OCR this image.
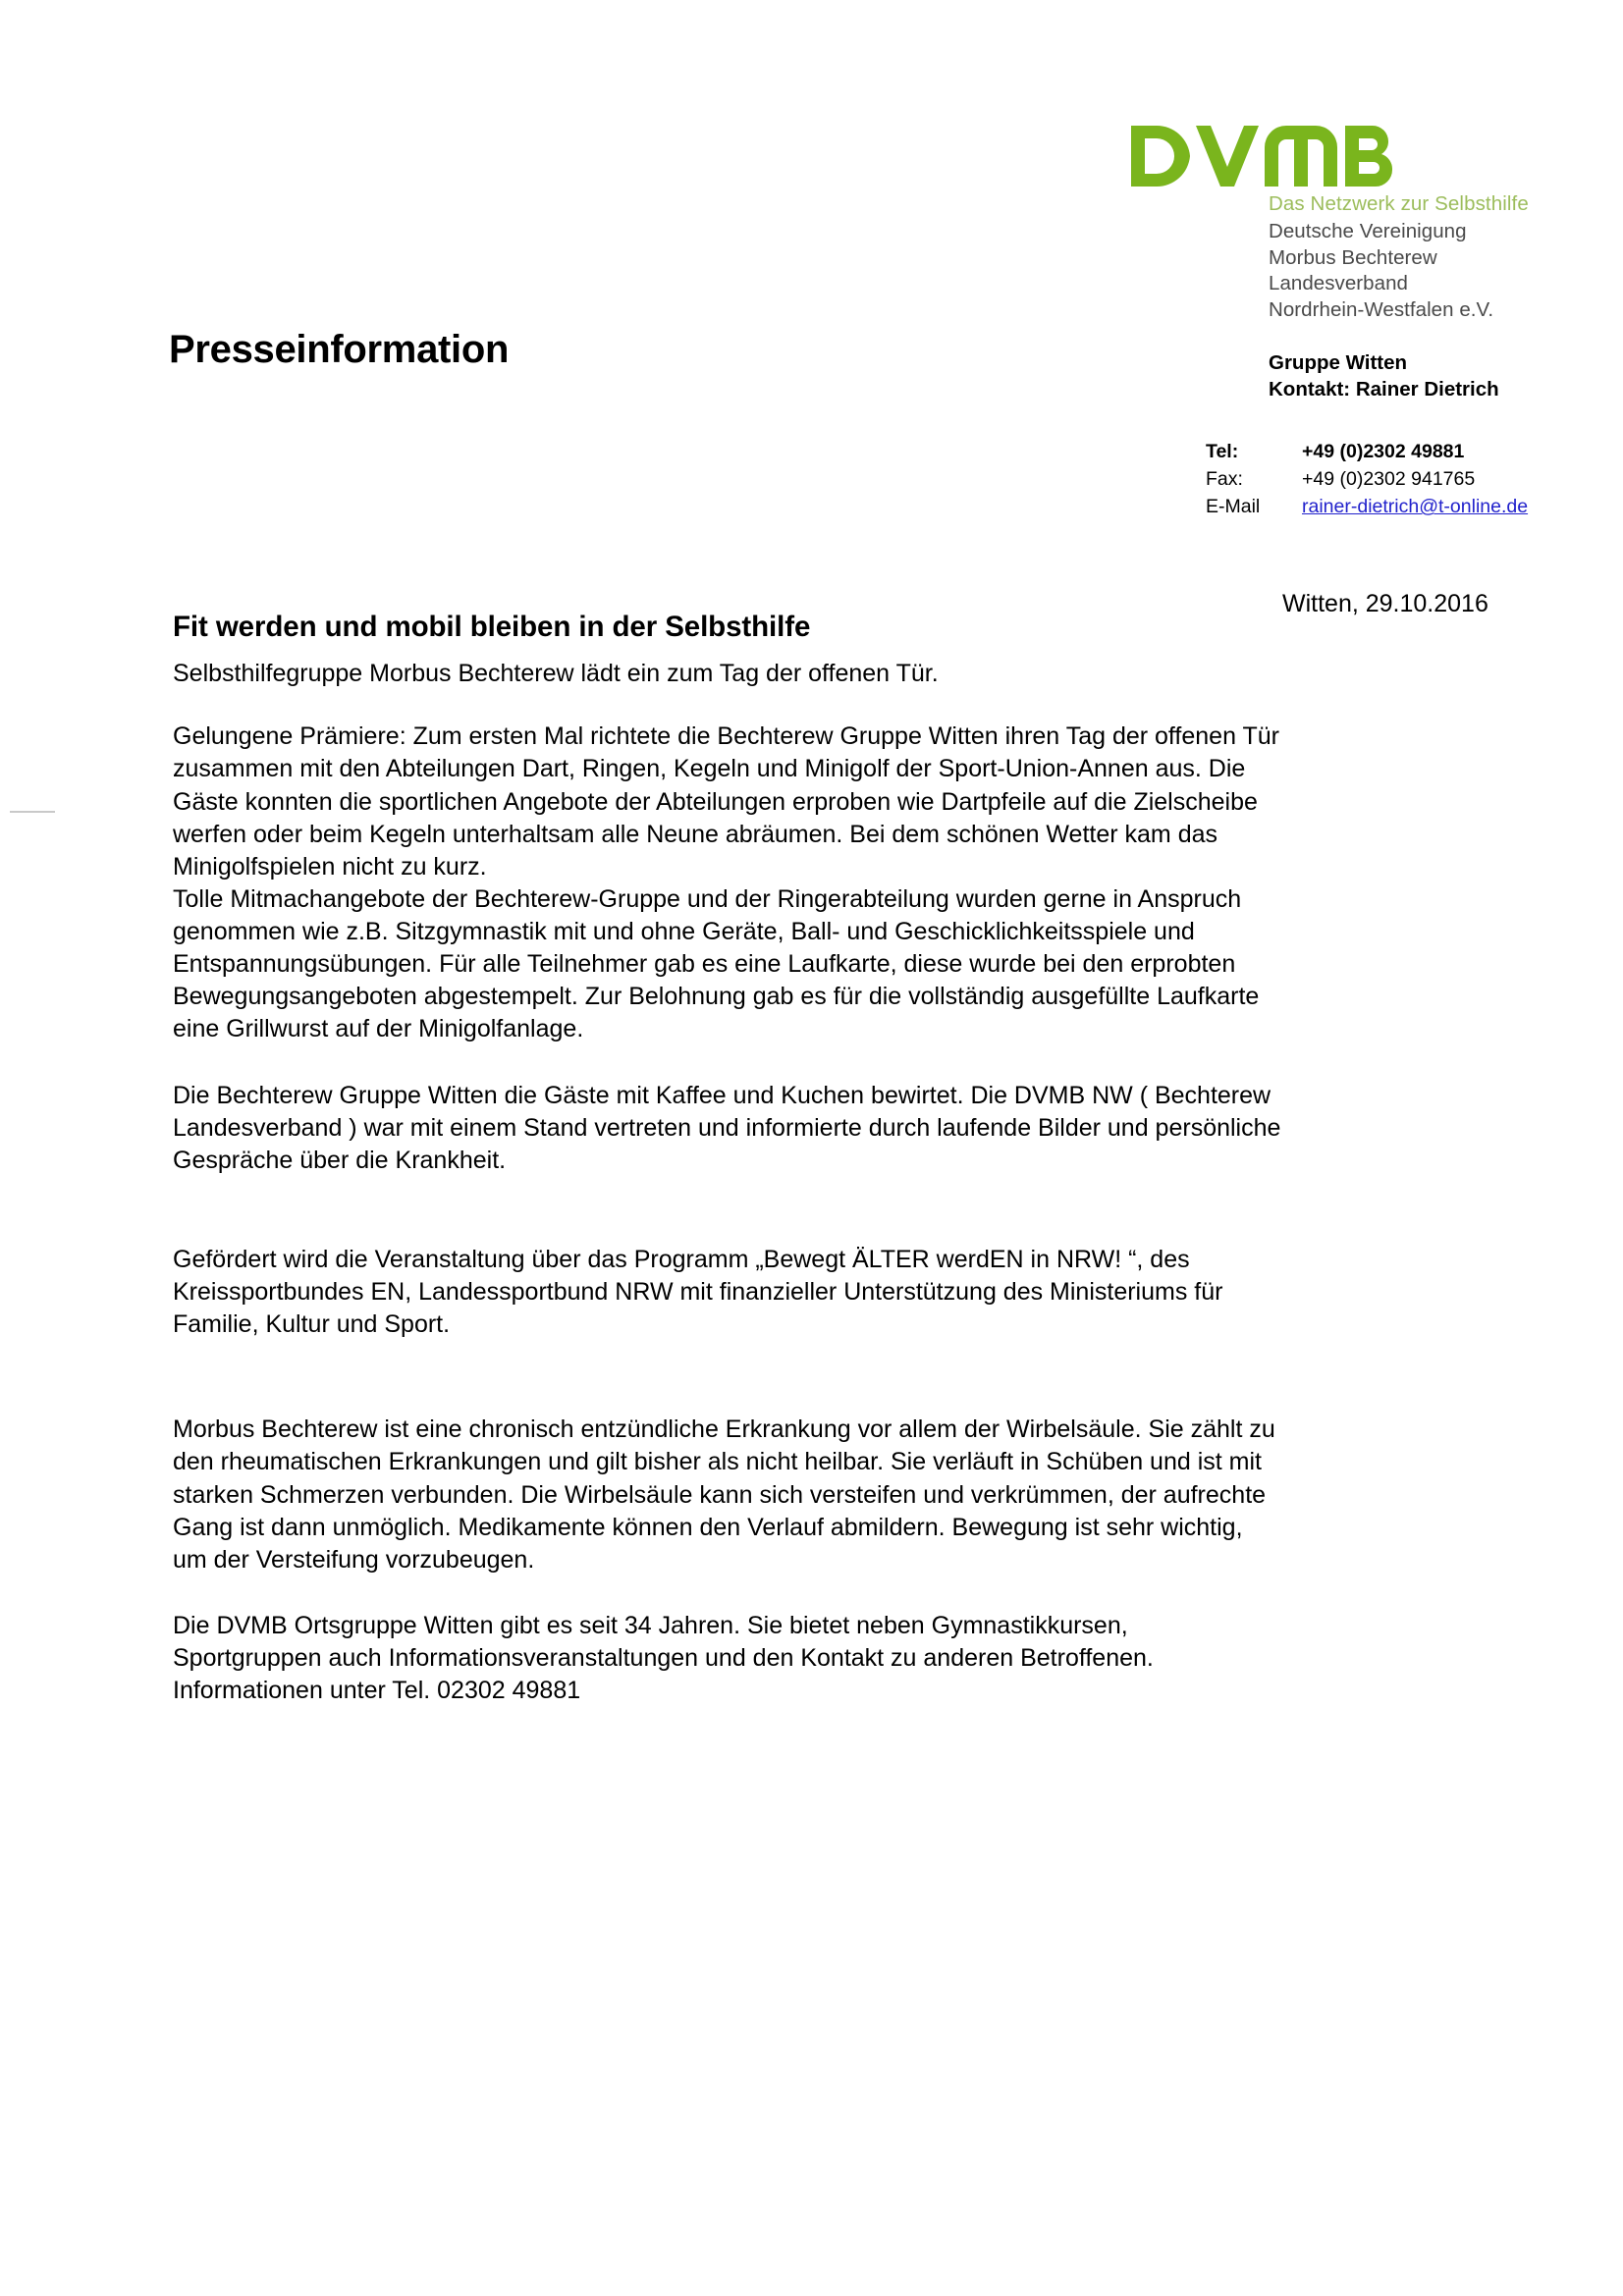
Das Netzwerk zur Selbsthilfe
Deutsche Vereinigung
Morbus Bechterew
Landesverband
Nordrhein-Westfalen e.V.
Gruppe Witten
Kontakt: Rainer Dietrich
Tel:	+49 (0)2302 49881
Fax:	+49 (0)2302 941765
E-Mail	rainer-dietrich@t-online.de
Presseinformation
Witten, 29.10.2016
Fit werden und mobil bleiben in der Selbsthilfe

Selbsthilfegruppe Morbus Bechterew lädt ein zum Tag der offenen Tür.

Gelungene Prämiere: Zum ersten Mal richtete die Bechterew Gruppe Witten ihren Tag der offenen Tür zusammen mit den Abteilungen Dart, Ringen, Kegeln und Minigolf der Sport-Union-Annen aus. Die Gäste konnten die sportlichen Angebote der Abteilungen erproben wie Dartpfeile auf die Zielscheibe werfen oder beim Kegeln unterhaltsam alle Neune abräumen. Bei dem schönen Wetter kam das Minigolfspielen nicht zu kurz.

Tolle Mitmachangebote der Bechterew-Gruppe und der Ringerabteilung wurden gerne in Anspruch genommen wie z.B. Sitzgymnastik mit und ohne Geräte, Ball- und Geschicklichkeitsspiele und Entspannungsübungen. Für alle Teilnehmer gab es eine Laufkarte, diese wurde bei den erprobten Bewegungsangeboten abgestempelt. Zur Belohnung gab es für die vollständig ausgefüllte Laufkarte eine Grillwurst auf der Minigolfanlage.

Die Bechterew Gruppe Witten die Gäste mit Kaffee und Kuchen bewirtet. Die DVMB NW ( Bechterew Landesverband ) war mit einem Stand vertreten und informierte durch laufende Bilder und persönliche Gespräche über die Krankheit.

Gefördert wird die Veranstaltung über das Programm „Bewegt ÄLTER werdEN in NRW! “, des Kreissportbundes EN, Landessportbund NRW mit finanzieller Unterstützung des Ministeriums für Familie, Kultur und Sport.

Morbus Bechterew ist eine chronisch entzündliche Erkrankung vor allem der Wirbelsäule. Sie zählt zu den rheumatischen Erkrankungen und gilt bisher als nicht heilbar. Sie verläuft in Schüben und ist mit starken Schmerzen verbunden. Die Wirbelsäule kann sich versteifen und verkrümmen, der aufrechte Gang ist dann unmöglich. Medikamente können den Verlauf abmildern. Bewegung ist sehr wichtig, um der Versteifung vorzubeugen.

Die DVMB Ortsgruppe Witten gibt es seit 34 Jahren. Sie bietet neben Gymnastikkursen, Sportgruppen auch Informationsveranstaltungen und den Kontakt zu anderen Betroffenen.

Informationen unter Tel. 02302 49881
